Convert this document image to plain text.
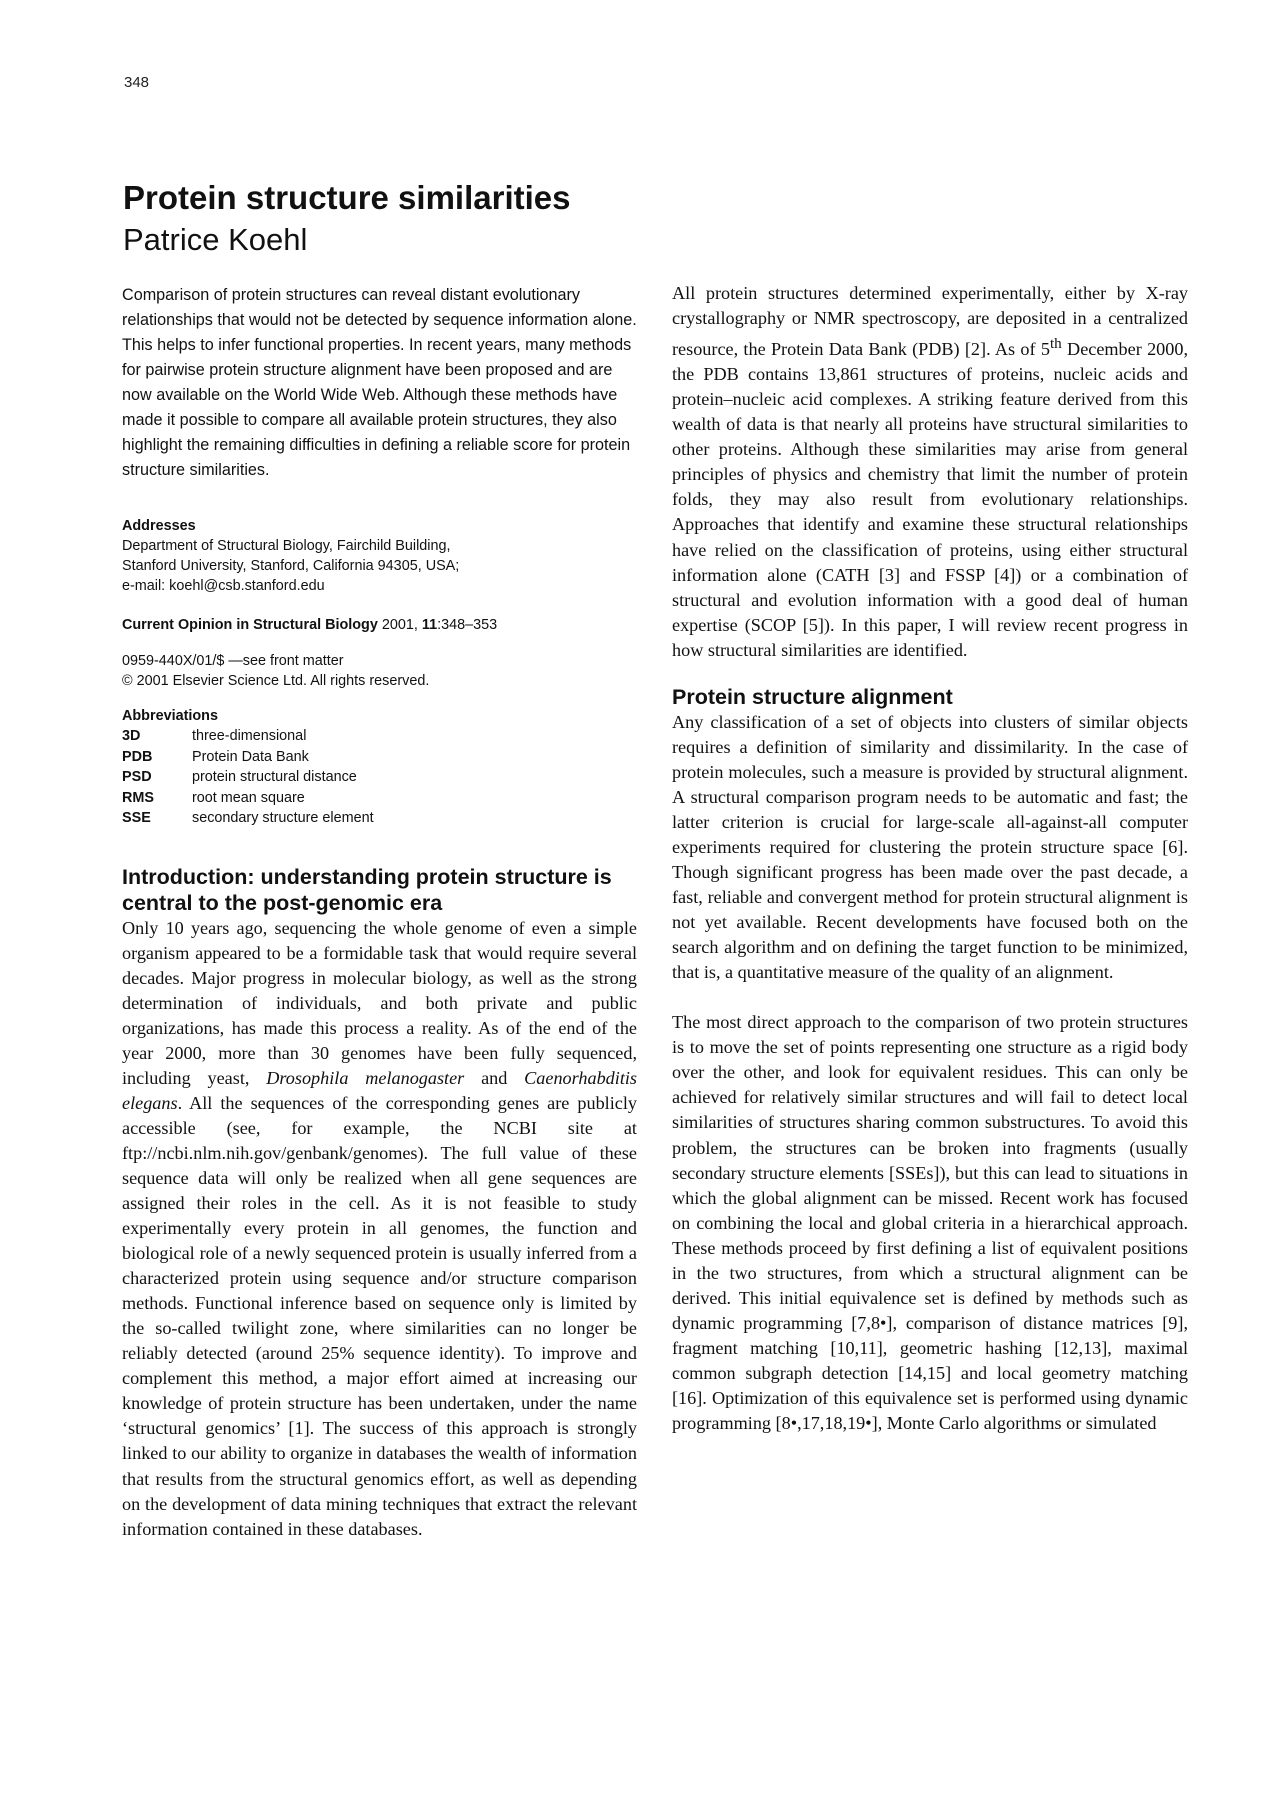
348
Protein structure similarities
Patrice Koehl

Comparison of protein structures can reveal distant evolutionary relationships that would not be detected by sequence information alone. This helps to infer functional properties. In recent years, many methods for pairwise protein structure alignment have been proposed and are now available on the World Wide Web. Although these methods have made it possible to compare all available protein structures, they also highlight the remaining difficulties in defining a reliable score for protein structure similarities.

Addresses
Department of Structural Biology, Fairchild Building,
Stanford University, Stanford, California 94305, USA;
e-mail: koehl@csb.stanford.edu
Current Opinion in Structural Biology 2001, 11:348–353
0959-440X/01/$ —see front matter
© 2001 Elsevier Science Ltd. All rights reserved.
Abbreviations
3D	three-dimensional
PDB	Protein Data Bank
PSD	protein structural distance
RMS	root mean square
SSE	secondary structure element
Introduction: understanding protein structure is central to the post-genomic era

Only 10 years ago, sequencing the whole genome of even a simple organism appeared to be a formidable task that would require several decades. Major progress in molecular biology, as well as the strong determination of individuals, and both private and public organizations, has made this process a reality. As of the end of the year 2000, more than 30 genomes have been fully sequenced, including yeast, Drosophila melanogaster and Caenorhabditis elegans. All the sequences of the corresponding genes are publicly accessible (see, for example, the NCBI site at ftp://ncbi.nlm.nih.gov/genbank/genomes). The full value of these sequence data will only be realized when all gene sequences are assigned their roles in the cell. As it is not feasible to study experimentally every protein in all genomes, the function and biological role of a newly sequenced protein is usually inferred from a characterized protein using sequence and/or structure comparison methods. Functional inference based on sequence only is limited by the so-called twilight zone, where similarities can no longer be reliably detected (around 25% sequence identity). To improve and complement this method, a major effort aimed at increasing our knowledge of protein structure has been undertaken, under the name ‘structural genomics’ [1]. The success of this approach is strongly linked to our ability to organize in databases the wealth of information that results from the structural genomics effort, as well as depending on the development of data mining techniques that extract the relevant information contained in these databases.

All protein structures determined experimentally, either by X-ray crystallography or NMR spectroscopy, are deposited in a centralized resource, the Protein Data Bank (PDB) [2]. As of 5th December 2000, the PDB contains 13,861 structures of proteins, nucleic acids and protein–nucleic acid complexes. A striking feature derived from this wealth of data is that nearly all proteins have structural similarities to other proteins. Although these similarities may arise from general principles of physics and chemistry that limit the number of protein folds, they may also result from evolutionary relationships. Approaches that identify and examine these structural relationships have relied on the classification of proteins, using either structural information alone (CATH [3] and FSSP [4]) or a combination of structural and evolution information with a good deal of human expertise (SCOP [5]). In this paper, I will review recent progress in how structural similarities are identified.

Protein structure alignment

Any classification of a set of objects into clusters of similar objects requires a definition of similarity and dissimilarity. In the case of protein molecules, such a measure is provided by structural alignment. A structural comparison program needs to be automatic and fast; the latter criterion is crucial for large-scale all-against-all computer experiments required for clustering the protein structure space [6]. Though significant progress has been made over the past decade, a fast, reliable and convergent method for protein structural alignment is not yet available. Recent developments have focused both on the search algorithm and on defining the target function to be minimized, that is, a quantitative measure of the quality of an alignment.

The most direct approach to the comparison of two protein structures is to move the set of points representing one structure as a rigid body over the other, and look for equivalent residues. This can only be achieved for relatively similar structures and will fail to detect local similarities of structures sharing common substructures. To avoid this problem, the structures can be broken into fragments (usually secondary structure elements [SSEs]), but this can lead to situations in which the global alignment can be missed. Recent work has focused on combining the local and global criteria in a hierarchical approach. These methods proceed by first defining a list of equivalent positions in the two structures, from which a structural alignment can be derived. This initial equivalence set is defined by methods such as dynamic programming [7,8•], comparison of distance matrices [9], fragment matching [10,11], geometric hashing [12,13], maximal common subgraph detection [14,15] and local geometry matching [16]. Optimization of this equivalence set is performed using dynamic programming [8•,17,18,19•], Monte Carlo algorithms or simulated
